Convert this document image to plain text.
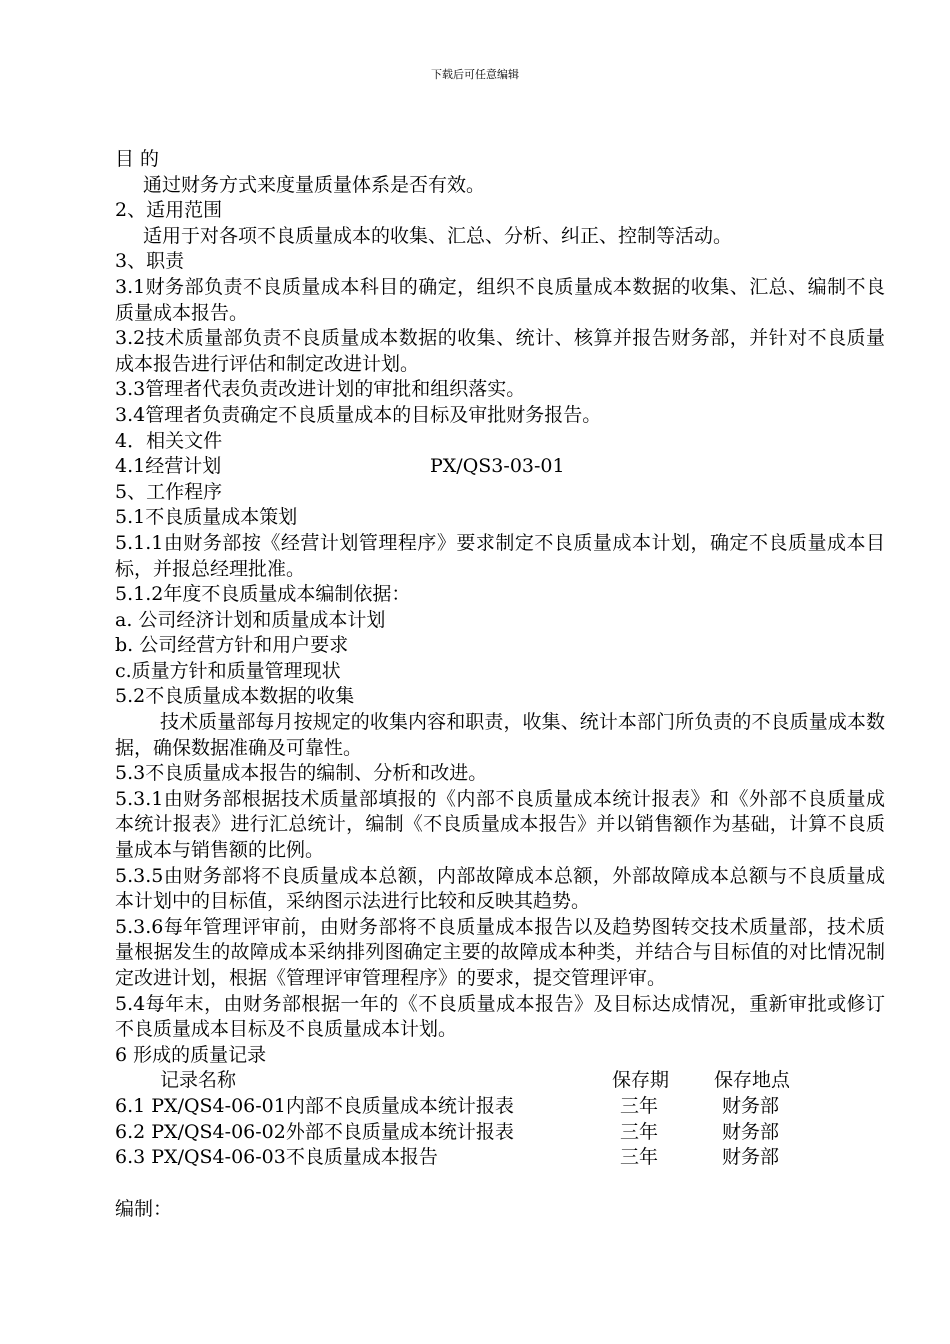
下载后可任意编辑
目 的
通过财务方式来度量质量体系是否有效。
2、适用范围
适用于对各项不良质量成本的收集、汇总、分析、纠正、控制等活动。
3、职责
3.1财务部负责不良质量成本科目的确定，组织不良质量成本数据的收集、汇总、编制不良质量成本报告。
3.2技术质量部负责不良质量成本数据的收集、统计、核算并报告财务部，并针对不良质量成本报告进行评估和制定改进计划。
3.3管理者代表负责改进计划的审批和组织落实。
3.4管理者负责确定不良质量成本的目标及审批财务报告。
4．相关文件
4.1经营计划	PX/QS3-03-01
5、工作程序
5.1不良质量成本策划
5.1.1由财务部按《经营计划管理程序》要求制定不良质量成本计划，确定不良质量成本目标，并报总经理批准。
5.1.2年度不良质量成本编制依据：
a. 公司经济计划和质量成本计划
b. 公司经营方针和用户要求
c.质量方针和质量管理现状
5.2不良质量成本数据的收集
技术质量部每月按规定的收集内容和职责，收集、统计本部门所负责的不良质量成本数据，确保数据准确及可靠性。
5.3不良质量成本报告的编制、分析和改进。
5.3.1由财务部根据技术质量部填报的《内部不良质量成本统计报表》和《外部不良质量成本统计报表》进行汇总统计，编制《不良质量成本报告》并以销售额作为基础，计算不良质量成本与销售额的比例。
5.3.5由财务部将不良质量成本总额，内部故障成本总额，外部故障成本总额与不良质量成本计划中的目标值，采纳图示法进行比较和反映其趋势。
5.3.6每年管理评审前，由财务部将不良质量成本报告以及趋势图转交技术质量部，技术质量根据发生的故障成本采纳排列图确定主要的故障成本种类，并结合与目标值的对比情况制定改进计划，根据《管理评审管理程序》的要求，提交管理评审。
5.4每年末，由财务部根据一年的《不良质量成本报告》及目标达成情况，重新审批或修订不良质量成本目标及不良质量成本计划。
6 形成的质量记录
记录名称	保存期	保存地点
6.1 PX/QS4-06-01内部不良质量成本统计报表	三年	财务部
6.2 PX/QS4-06-02外部不良质量成本统计报表	三年	财务部
6.3 PX/QS4-06-03不良质量成本报告	三年	财务部
编制：
